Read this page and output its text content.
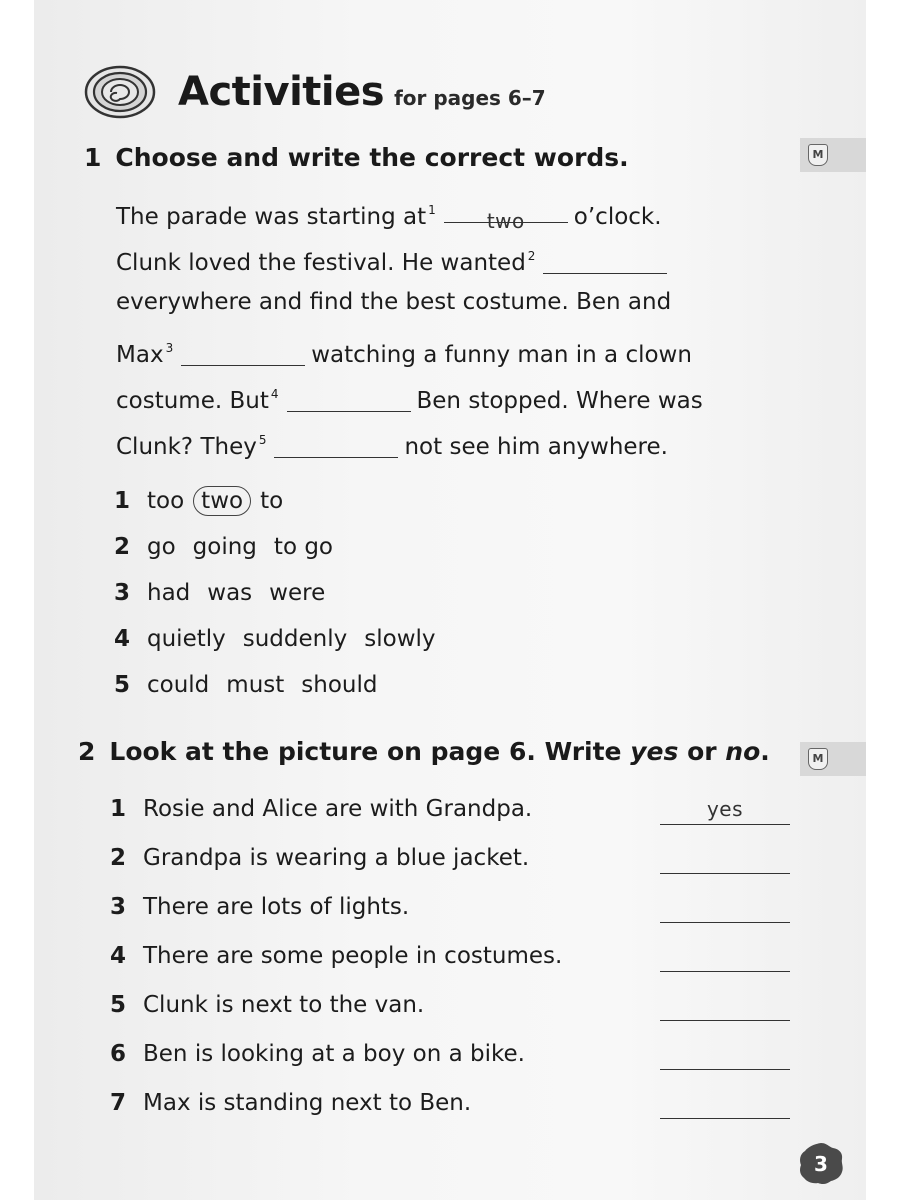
Activities for pages 6–7
M
1 Choose and write the correct words.
The parade was starting at $^1$	two o’clock.
Clunk loved the festival. He wanted $^2$
everywhere and find the best costume. Ben and
Max $^3$	watching a funny man in a clown
costume. But $^4$	Ben stopped. Where was
Clunk? They $^5$	not see him anywhere.
1 too two to
2 go going to go
3 had was were
4 quietly suddenly slowly
5 could must should
M
2 Look at the picture on page 6. Write yes or no.
1 Rosie and Alice are with Grandpa.	yes
2 Grandpa is wearing a blue jacket.
3 There are lots of lights.
4 There are some people in costumes.
5 Clunk is next to the van.
6 Ben is looking at a boy on a bike.
7 Max is standing next to Ben.
3
